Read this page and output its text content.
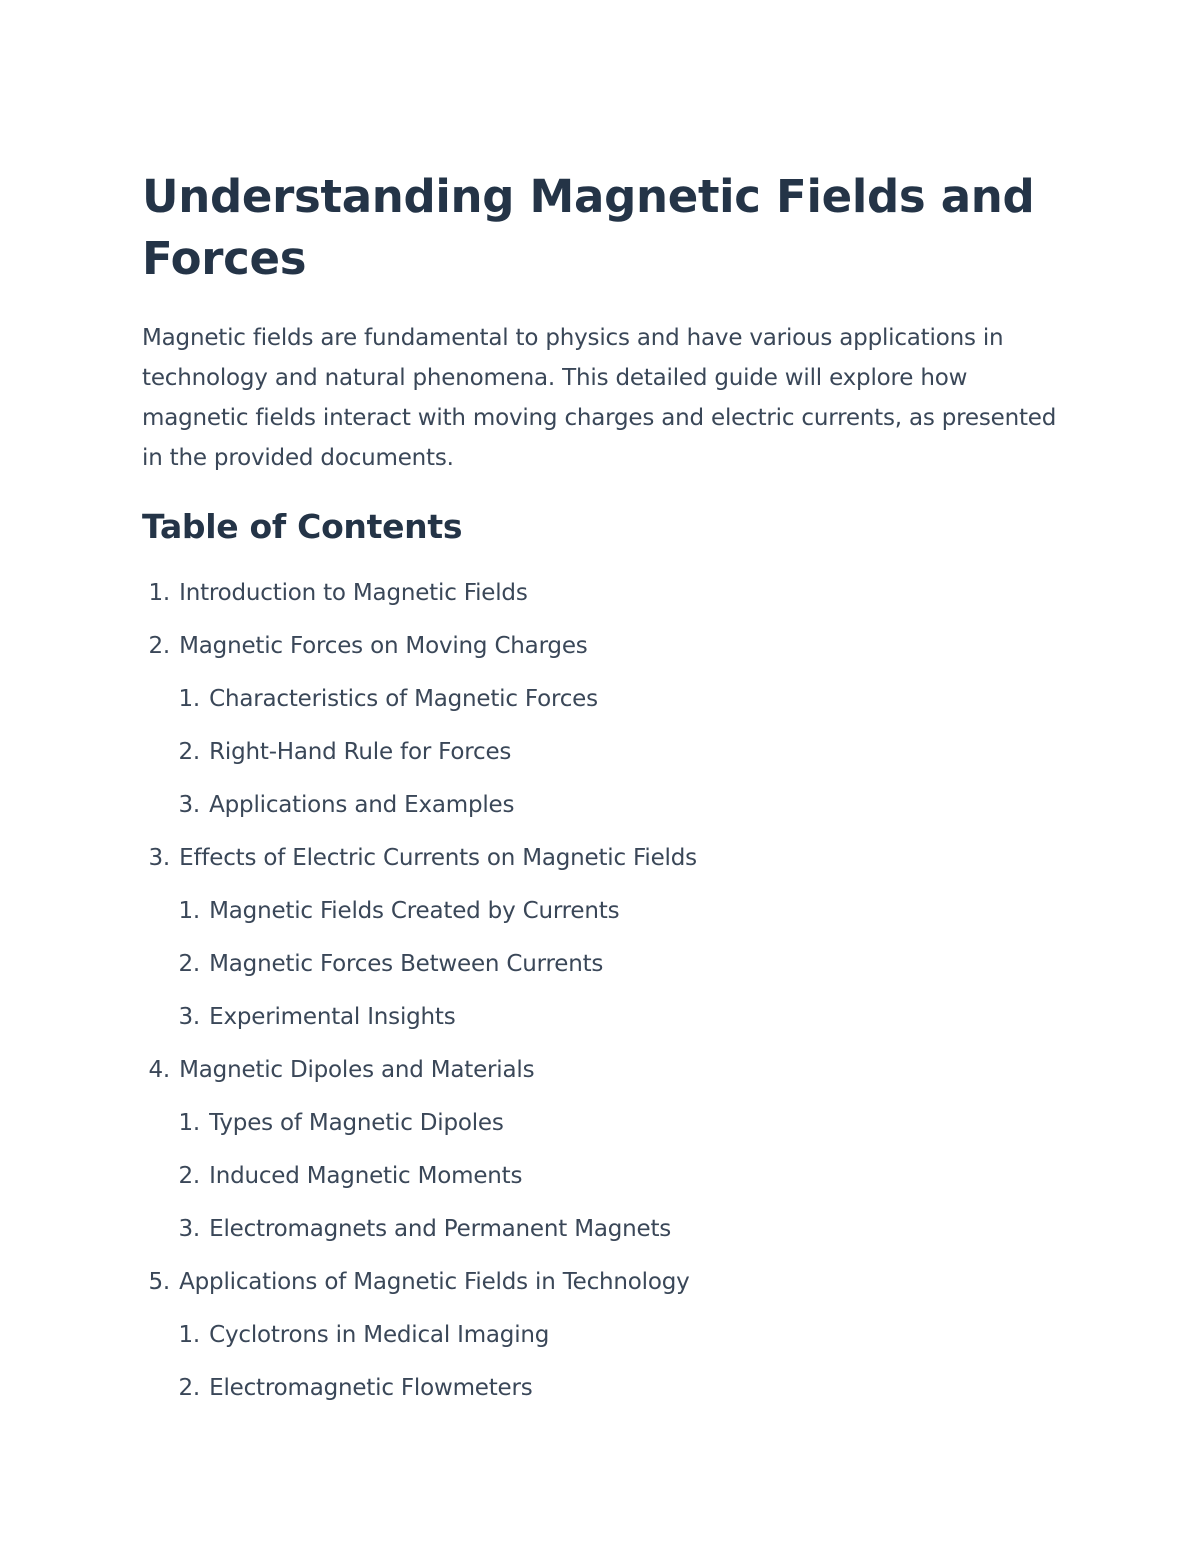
Understanding Magnetic Fields and Forces

Magnetic fields are fundamental to physics and have various applications in technology and natural phenomena. This detailed guide will explore how magnetic fields interact with moving charges and electric currents, as presented in the provided documents.

Table of Contents
1. Introduction to Magnetic Fields
2. Magnetic Forces on Moving Charges
1. Characteristics of Magnetic Forces
2. Right-Hand Rule for Forces
3. Applications and Examples
3. Effects of Electric Currents on Magnetic Fields
1. Magnetic Fields Created by Currents
2. Magnetic Forces Between Currents
3. Experimental Insights
4. Magnetic Dipoles and Materials
1. Types of Magnetic Dipoles
2. Induced Magnetic Moments
3. Electromagnets and Permanent Magnets
5. Applications of Magnetic Fields in Technology
1. Cyclotrons in Medical Imaging
2. Electromagnetic Flowmeters
